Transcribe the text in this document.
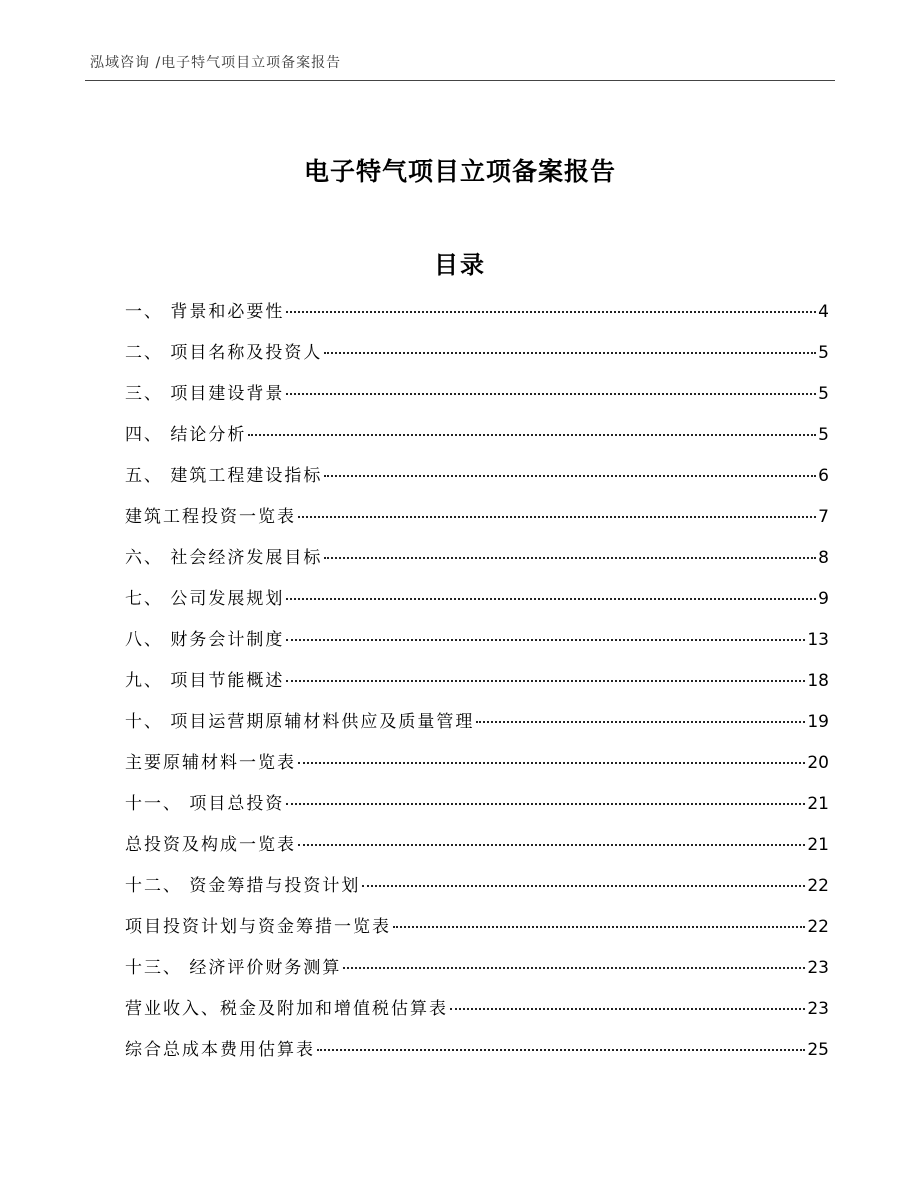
泓域咨询 /电子特气项目立项备案报告
电子特气项目立项备案报告
目录
一、 背景和必要性	4
二、 项目名称及投资人	5
三、 项目建设背景	5
四、 结论分析	5
五、 建筑工程建设指标	6
建筑工程投资一览表	7
六、 社会经济发展目标	8
七、 公司发展规划	9
八、 财务会计制度	13
九、 项目节能概述	18
十、 项目运营期原辅材料供应及质量管理	19
主要原辅材料一览表	20
十一、 项目总投资	21
总投资及构成一览表	21
十二、 资金筹措与投资计划	22
项目投资计划与资金筹措一览表	22
十三、 经济评价财务测算	23
营业收入、税金及附加和增值税估算表	23
综合总成本费用估算表	25
